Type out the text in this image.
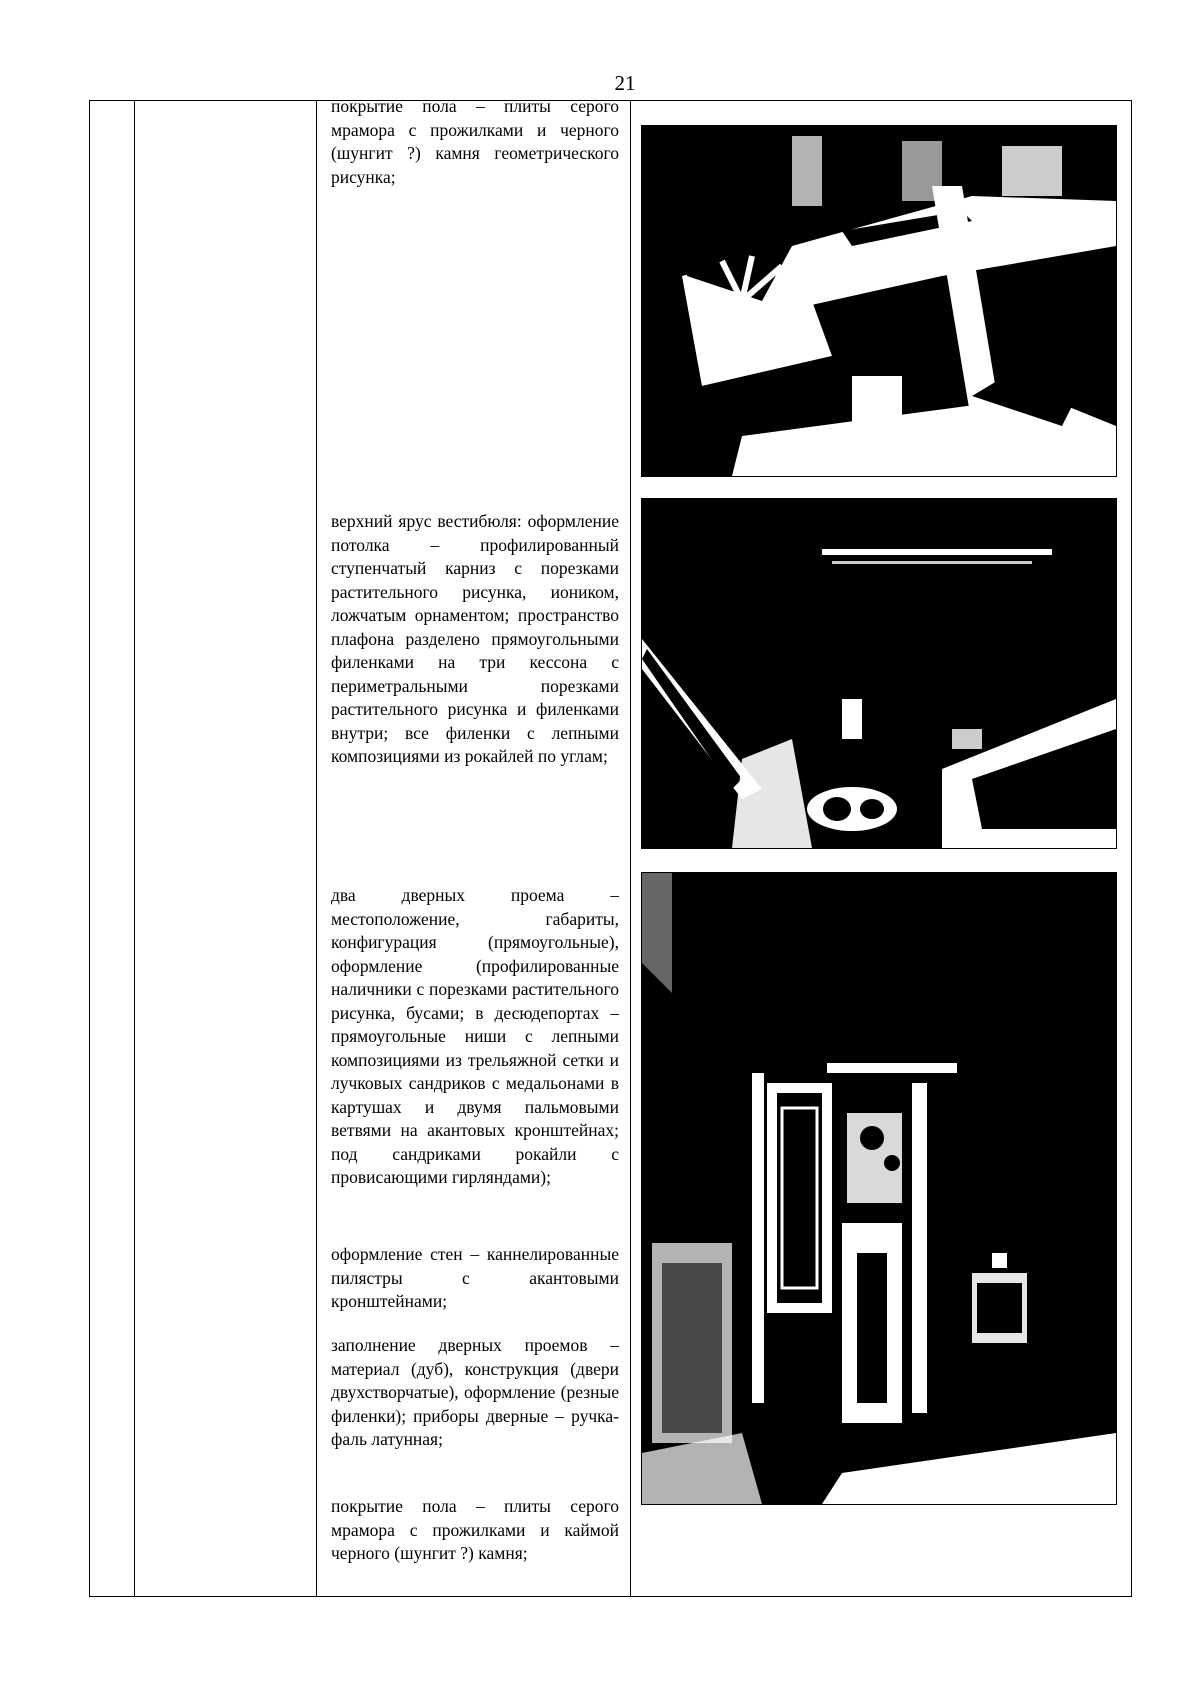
21

покрытие пола – плиты серого мрамора с прожилками и черного (шунгит ?) камня геометрического рисунка;
верхний ярус вестибюля: оформление потолка – профилированный ступенчатый карниз с порезками растительного рисунка, иоником, ложчатым орнаментом; пространство плафона разделено прямоугольными филенками на три кессона с периметральными порезками растительного рисунка и филенками внутри; все филенки с лепными композициями из рокайлей по углам;
два дверных проема – местоположение, габариты, конфигурация (прямоугольные), оформление (профилированные наличники с порезками растительного рисунка, бусами; в десюдепортах – прямоугольные ниши с лепными композициями из трельяжной сетки и лучковых сандриков с медальонами в картушах и двумя пальмовыми ветвями на акантовых кронштейнах; под сандриками рокайли с провисающими гирляндами);
оформление стен – каннелированные пилястры с акантовыми кронштейнами;
заполнение дверных проемов – материал (дуб), конструкция (двери двухстворчатые), оформление (резные филенки); приборы дверные – ручка-фаль латунная;
покрытие пола – плиты серого мрамора с прожилками и каймой черного (шунгит ?) камня;
